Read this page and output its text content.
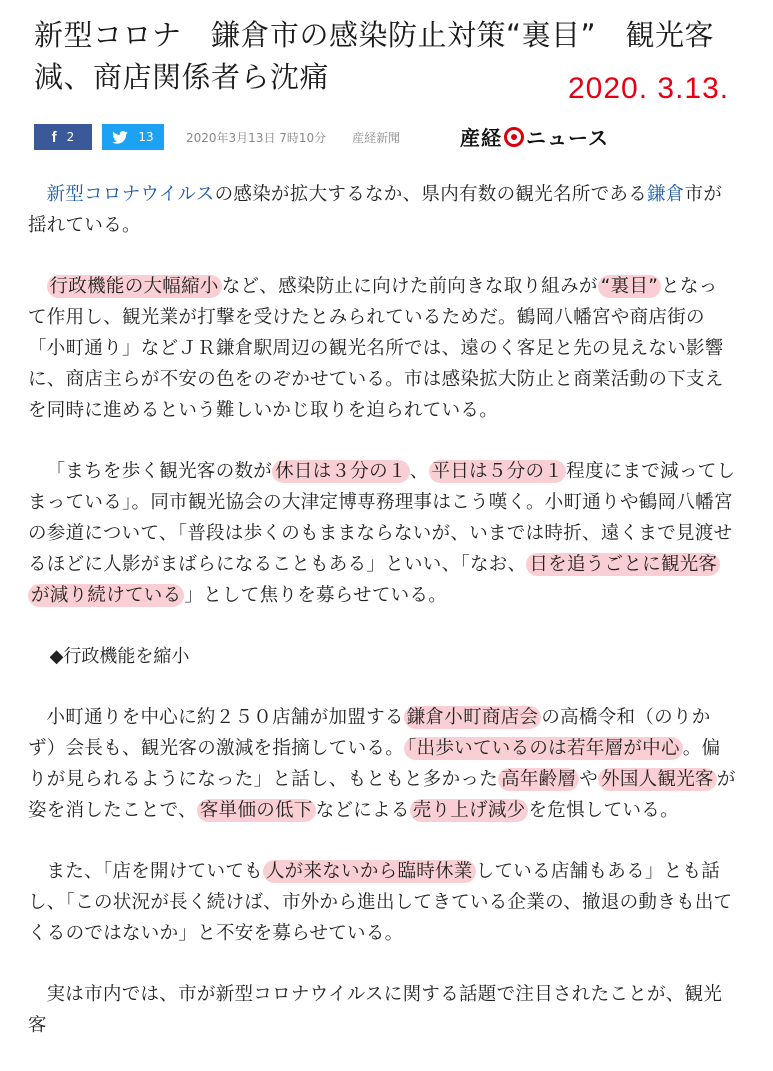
新型コロナ　鎌倉市の感染防止対策“裏目”　観光客減、商店関係者ら沈痛	2020. 3.13.
f 2	13	2020年3月13日 7時10分 産経新聞	産経 ニュース

新型コロナウイルスの感染が拡大するなか、県内有数の観光名所である鎌倉市が揺れている。

行政機能の大幅縮小 など、感染防止に向けた前向きな取り組みが “裏目” となって作用し、観光業が打撃を受けたとみられているためだ。鶴岡八幡宮や商店街の「小町通り」などＪＲ鎌倉駅周辺の観光名所では、遠のく客足と先の見えない影響に、商店主らが不安の色をのぞかせている。市は感染拡大防止と商業活動の下支えを同時に進めるという難しいかじ取りを迫られている。

「まちを歩く観光客の数が 休日は３分の１ 、 平日は５分の１ 程度にまで減ってしまっている」。同市観光協会の大津定博専務理事はこう嘆く。小町通りや鶴岡八幡宮の参道について、「普段は歩くのもままならないが、いまでは時折、遠くまで見渡せるほどに人影がまばらになることもある」といい、「なお、 日を追うごとに観光客が減り続けている 」として焦りを募らせている。

◆行政機能を縮小

小町通りを中心に約２５０店舗が加盟する 鎌倉小町商店会 の高橋令和（のりかず）会長も、観光客の激減を指摘している。 「出歩いているのは若年層が中心 。偏りが見られるようになった」と話し、もともと多かった 高年齢層 や 外国人観光客 が姿を消したことで、 客単価の低下 などによる 売り上げ減少 を危惧している。

また、「店を開けていても 人が来ないから臨時休業 している店舗もある」とも話し、「この状況が長く続けば、市外から進出してきている企業の、撤退の動きも出てくるのではないか」と不安を募らせている。

実は市内では、市が新型コロナウイルスに関する話題で注目されたことが、観光客
